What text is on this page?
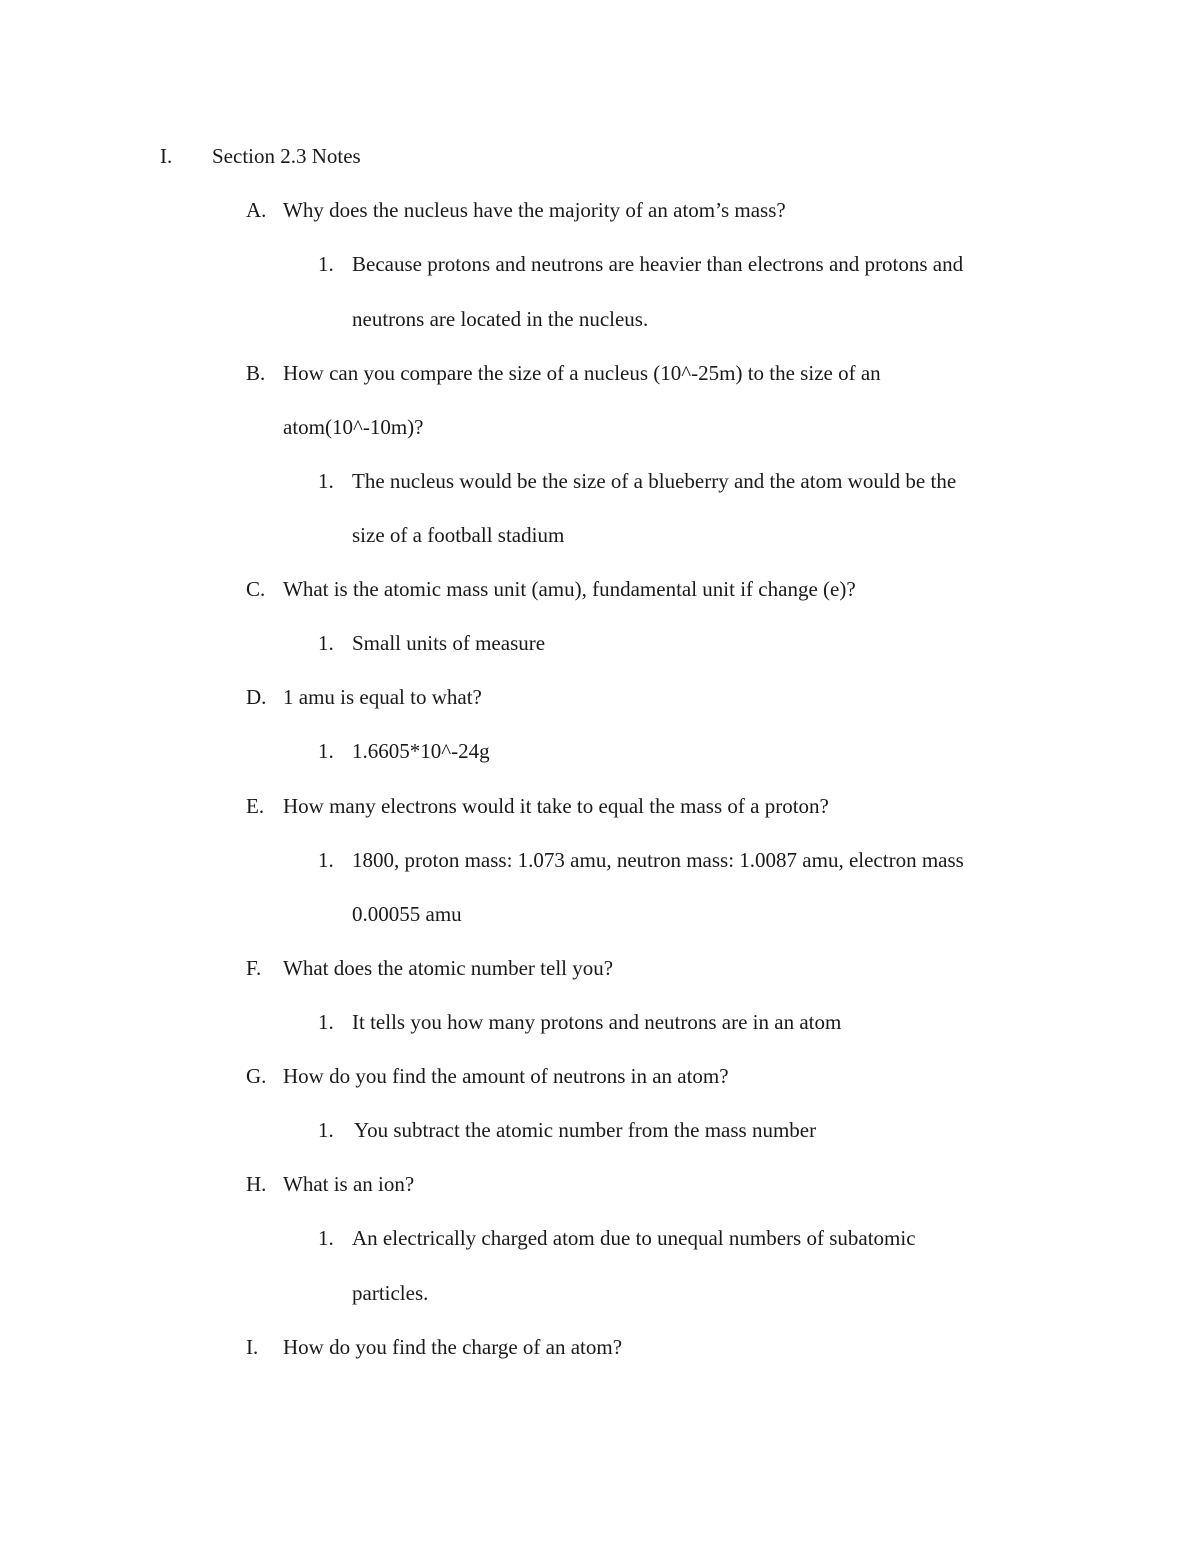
I. Section 2.3 Notes
A. Why does the nucleus have the majority of an atom’s mass?
1. Because protons and neutrons are heavier than electrons and protons and
neutrons are located in the nucleus.
B. How can you compare the size of a nucleus (10^-25m) to the size of an
atom(10^-10m)?
1. The nucleus would be the size of a blueberry and the atom would be the
size of a football stadium
C. What is the atomic mass unit (amu), fundamental unit if change (e)?
1. Small units of measure
D. 1 amu is equal to what?
1. 1.6605*10^-24g
E. How many electrons would it take to equal the mass of a proton?
1. 1800, proton mass: 1.073 amu, neutron mass: 1.0087 amu, electron mass
0.00055 amu
F. What does the atomic number tell you?
1. It tells you how many protons and neutrons are in an atom
G. How do you find the amount of neutrons in an atom?
1. You subtract the atomic number from the mass number
H. What is an ion?
1. An electrically charged atom due to unequal numbers of subatomic
particles.
I. How do you find the charge of an atom?
